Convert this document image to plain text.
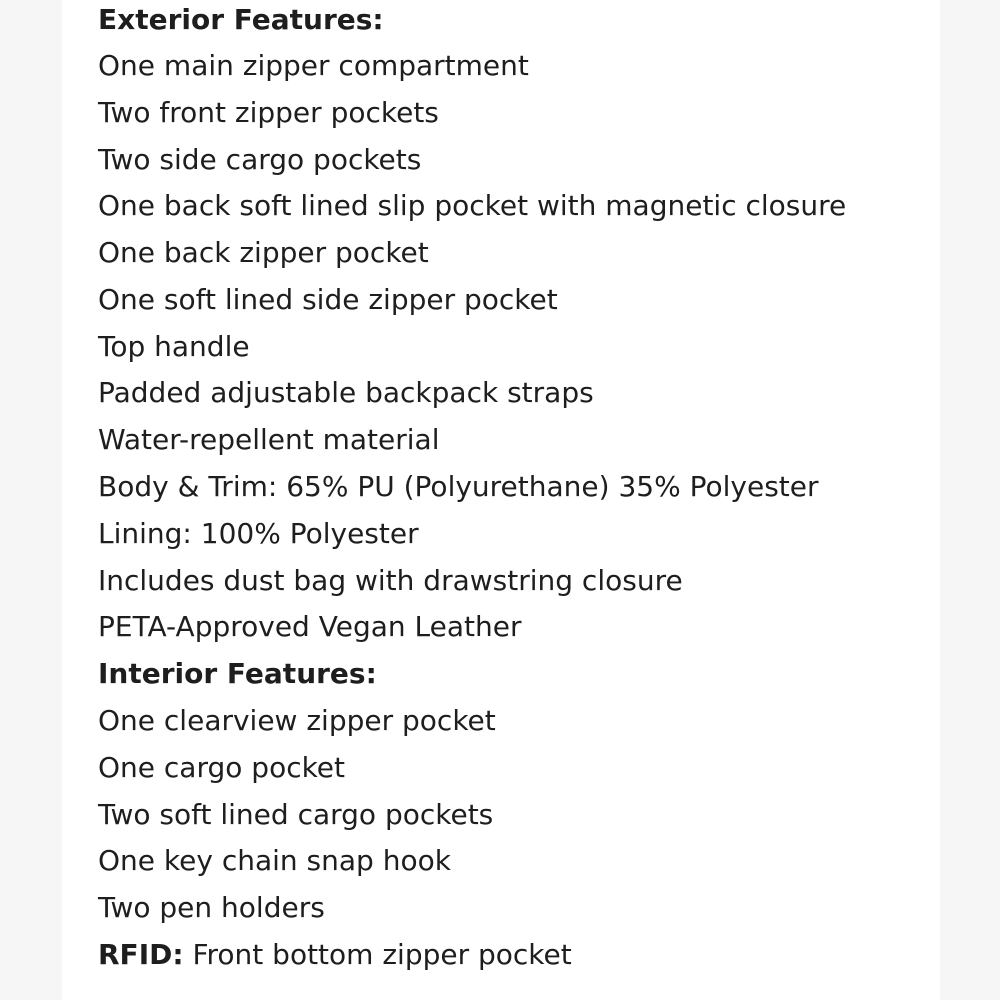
Exterior Features:
One main zipper compartment
Two front zipper pockets
Two side cargo pockets
One back soft lined slip pocket with magnetic closure
One back zipper pocket
One soft lined side zipper pocket
Top handle
Padded adjustable backpack straps
Water-repellent material
Body & Trim: 65% PU (Polyurethane) 35% Polyester
Lining: 100% Polyester
Includes dust bag with drawstring closure
PETA-Approved Vegan Leather
Interior Features:
One clearview zipper pocket
One cargo pocket
Two soft lined cargo pockets
One key chain snap hook
Two pen holders
RFID: Front bottom zipper pocket
